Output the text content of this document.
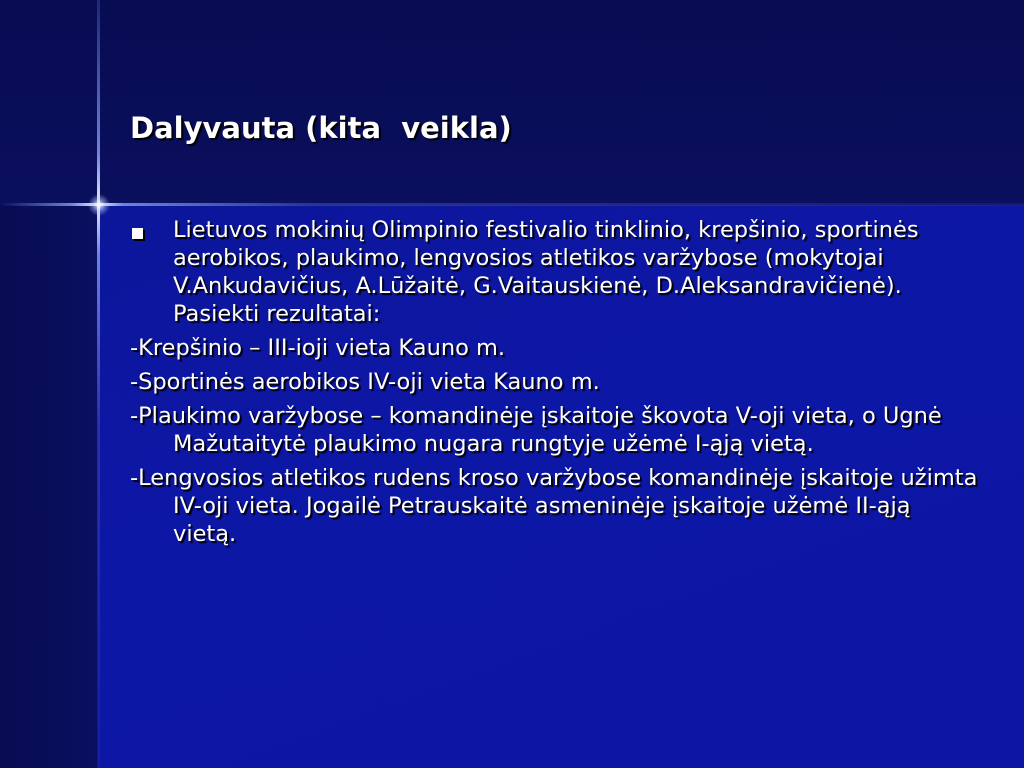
Dalyvauta (kita  veikla)

Lietuvos mokinių Olimpinio festivalio tinklinio, krepšinio, sportinės aerobikos, plaukimo, lengvosios atletikos varžybose (mokytojai V.Ankudavičius, A.Lūžaitė, G.Vaitauskienė, D.Aleksandravičienė). Pasiekti rezultatai:

-Krepšinio – III-ioji vieta Kauno m.

-Sportinės aerobikos IV-oji vieta Kauno m.

-Plaukimo varžybose – komandinėje įskaitoje škovota V-oji vieta, o Ugnė Mažutaitytė plaukimo nugara rungtyje užėmė I-ąją vietą.

-Lengvosios atletikos rudens kroso varžybose komandinėje įskaitoje užimta IV-oji vieta. Jogailė Petrauskaitė asmeninėje įskaitoje užėmė II-ąją vietą.
